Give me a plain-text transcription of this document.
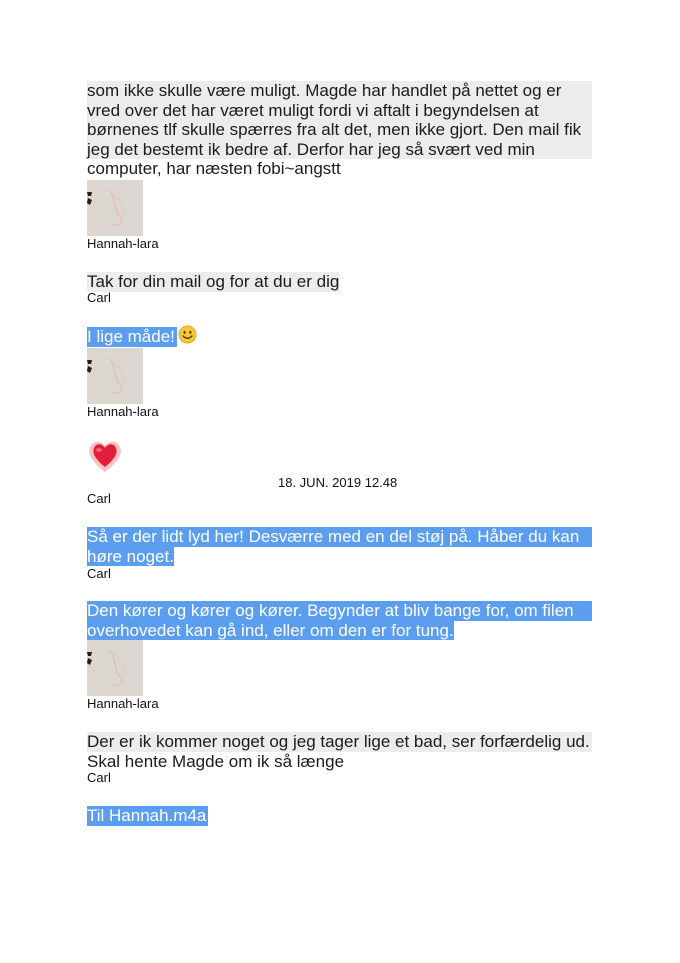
som ikke skulle være muligt. Magde har handlet på nettet og er
vred over det har været muligt fordi vi aftalt i begyndelsen at
børnenes tlf skulle spærres fra alt det, men ikke gjort. Den mail fik
jeg det bestemt ik bedre af. Derfor har jeg så svært ved min
computer, har næsten fobi~angstt
Hannah-lara
Tak for din mail og for at du er dig
Carl
I lige måde!
Hannah-lara
18. JUN. 2019 12.48
Carl
Så er der lidt lyd her! Desværre med en del støj på. Håber du kan
høre noget.
Carl
Den kører og kører og kører. Begynder at bliv bange for, om filen
overhovedet kan gå ind, eller om den er for tung.
Hannah-lara
Der er ik kommer noget og jeg tager lige et bad, ser forfærdelig ud.
Skal hente Magde om ik så længe
Carl
Til Hannah.m4a
